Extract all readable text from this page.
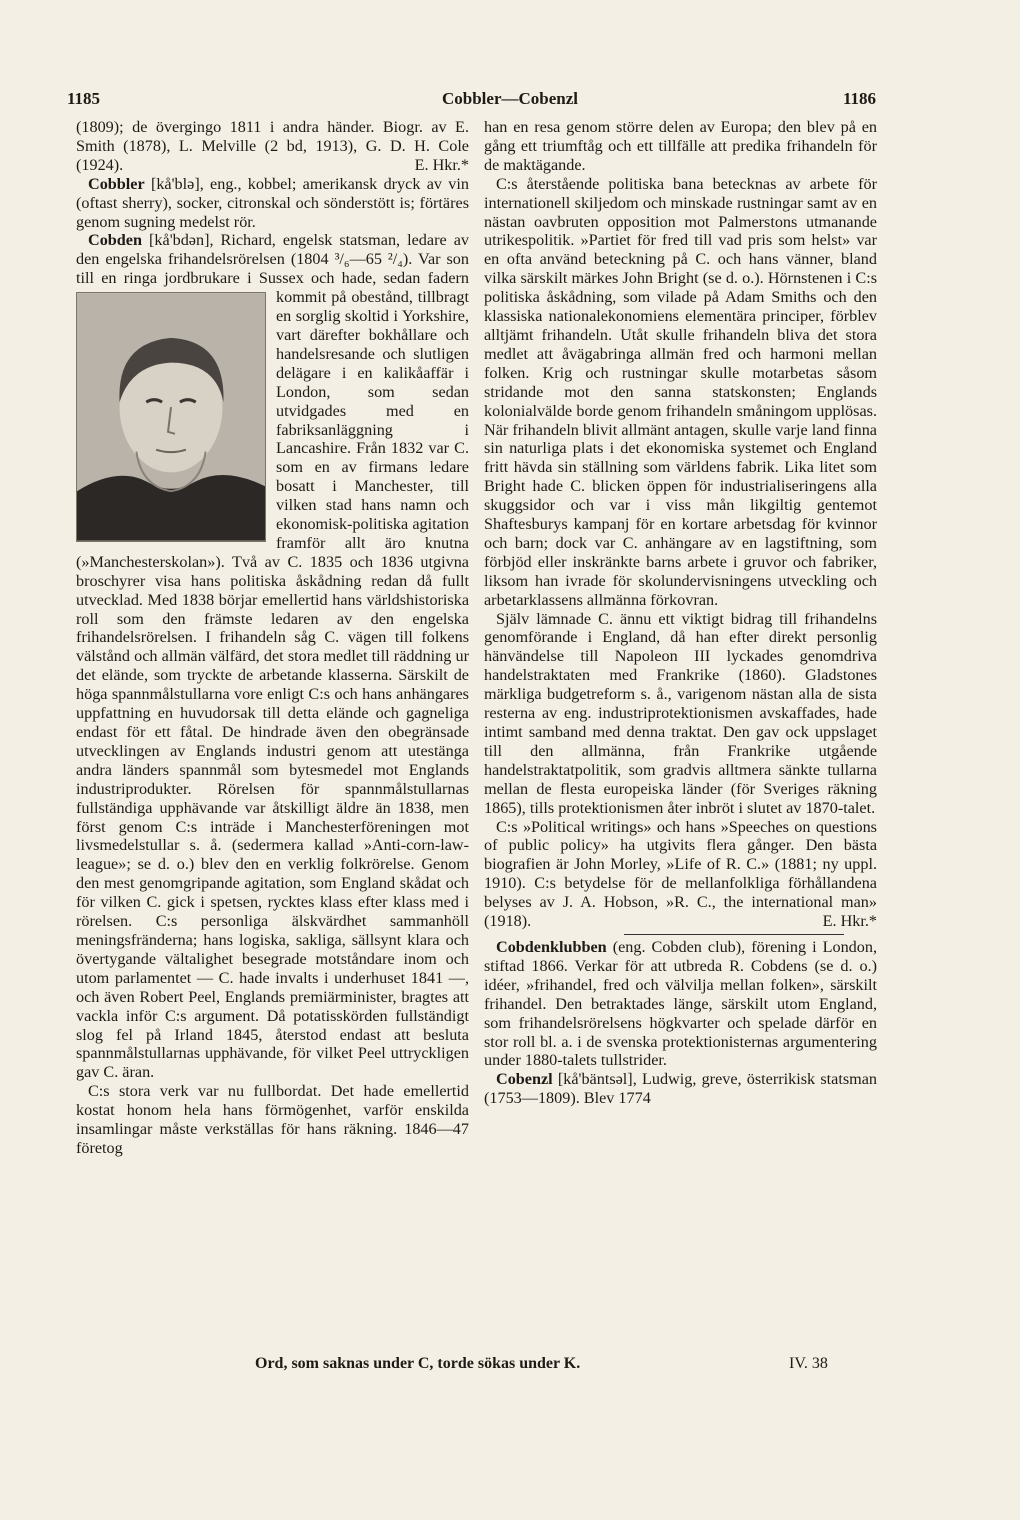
1185	Cobbler—Cobenzl	1186

(1809); de övergingo 1811 i andra händer. Biogr. av E. Smith (1878), L. Melville (2 bd, 1913), G. D. H. Cole (1924).	E. Hkr.*

Cobbler [kå'blə], eng., kobbel; amerikansk dryck av vin (oftast sherry), socker, citronskal och sönderstött is; förtäres genom sugning medelst rör.

Cobden [kå'bdən], Richard, engelsk statsman, ledare av den engelska frihandelsrörelsen (1804 ³/₆—65 ²/₄). Var son till en ringa jordbrukare i Sussex och hade, sedan fadern
kommit på obestånd, tillbragt en sorglig skoltid i Yorkshire, vart därefter bokhållare och handelsresande och slutligen delägare i en kalikåaffär i London, som sedan utvidgades med en fabriksanläggning i Lancashire. Från 1832 var C. som en av firmans ledare bosatt i Manchester, till vilken stad hans namn och ekonomisk-politiska agitation framför allt äro knutna (»Manchesterskolan»). Två av C. 1835 och 1836 utgivna broschyrer visa hans politiska åskådning redan då fullt utvecklad. Med 1838 börjar emellertid hans världshistoriska roll som den främste ledaren av den engelska frihandelsrörelsen. I frihandeln såg C. vägen till folkens välstånd och allmän välfärd, det stora medlet till räddning ur det elände, som tryckte de arbetande klasserna. Särskilt de höga spannmålstullarna vore enligt C:s och hans anhängares uppfattning en huvudorsak till detta elände och gagneliga endast för ett fåtal. De hindrade även den obegränsade utvecklingen av Englands industri genom att utestänga andra länders spannmål som bytesmedel mot Englands industriprodukter. Rörelsen för spannmålstullarnas fullständiga upphävande var åtskilligt äldre än 1838, men först genom C:s inträde i Manchesterföreningen mot livsmedelstullar s. å. (sedermera kallad »Anti-corn-law-league»; se d. o.) blev den en verklig folkrörelse. Genom den mest genomgripande agitation, som England skådat och för vilken C. gick i spetsen, rycktes klass efter klass med i rörelsen. C:s personliga älskvärdhet sammanhöll meningsfränderna; hans logiska, sakliga, sällsynt klara och övertygande vältalighet besegrade motståndare inom och utom parlamentet — C. hade invalts i underhuset 1841 —, och även Robert Peel, Englands premiärminister, bragtes att vackla inför C:s argument. Då potatisskörden fullständigt slog fel på Irland 1845, återstod endast att besluta spannmålstullarnas upphävande, för vilket Peel uttryckligen gav C. äran.

C:s stora verk var nu fullbordat. Det hade emellertid kostat honom hela hans förmögenhet, varför enskilda insamlingar måste verkställas för hans räkning. 1846—47 företog

han en resa genom större delen av Europa; den blev på en gång ett triumftåg och ett tillfälle att predika frihandeln för de maktägande.

C:s återstående politiska bana betecknas av arbete för internationell skiljedom och minskade rustningar samt av en nästan oavbruten opposition mot Palmerstons utmanande utrikespolitik. »Partiet för fred till vad pris som helst» var en ofta använd beteckning på C. och hans vänner, bland vilka särskilt märkes John Bright (se d. o.). Hörnstenen i C:s politiska åskådning, som vilade på Adam Smiths och den klassiska nationalekonomiens elementära principer, förblev alltjämt frihandeln. Utåt skulle frihandeln bliva det stora medlet att åvägabringa allmän fred och harmoni mellan folken. Krig och rustningar skulle motarbetas såsom stridande mot den sanna statskonsten; Englands kolonialvälde borde genom frihandeln småningom upplösas. När frihandeln blivit allmänt antagen, skulle varje land finna sin naturliga plats i det ekonomiska systemet och England fritt hävda sin ställning som världens fabrik. Lika litet som Bright hade C. blicken öppen för industrialiseringens alla skuggsidor och var i viss mån likgiltig gentemot Shaftesburys kampanj för en kortare arbetsdag för kvinnor och barn; dock var C. anhängare av en lagstiftning, som förbjöd eller inskränkte barns arbete i gruvor och fabriker, liksom han ivrade för skolundervisningens utveckling och arbetarklassens allmänna förkovran.

Själv lämnade C. ännu ett viktigt bidrag till frihandelns genomförande i England, då han efter direkt personlig hänvändelse till Napoleon III lyckades genomdriva handelstraktaten med Frankrike (1860). Gladstones märkliga budgetreform s. å., varigenom nästan alla de sista resterna av eng. industriprotektionismen avskaffades, hade intimt samband med denna traktat. Den gav ock uppslaget till den allmänna, från Frankrike utgående handelstraktatpolitik, som gradvis alltmera sänkte tullarna mellan de flesta europeiska länder (för Sveriges räkning 1865), tills protektionismen åter inbröt i slutet av 1870-talet.

C:s »Political writings» och hans »Speeches on questions of public policy» ha utgivits flera gånger. Den bästa biografien är John Morley, »Life of R. C.» (1881; ny uppl. 1910). C:s betydelse för de mellanfolkliga förhållandena belyses av J. A. Hobson, »R. C., the international man» (1918).	E. Hkr.*

Cobdenklubben (eng. Cobden club), förening i London, stiftad 1866. Verkar för att utbreda R. Cobdens (se d. o.) idéer, »frihandel, fred och välvilja mellan folken», särskilt frihandel. Den betraktades länge, särskilt utom England, som frihandelsrörelsens högkvarter och spelade därför en stor roll bl. a. i de svenska protektionisternas argumentering under 1880-talets tullstrider.

Cobenzl [kå'bäntsəl], Ludwig, greve, österrikisk statsman (1753—1809). Blev 1774

Ord, som saknas under C, torde sökas under K.	IV. 38
